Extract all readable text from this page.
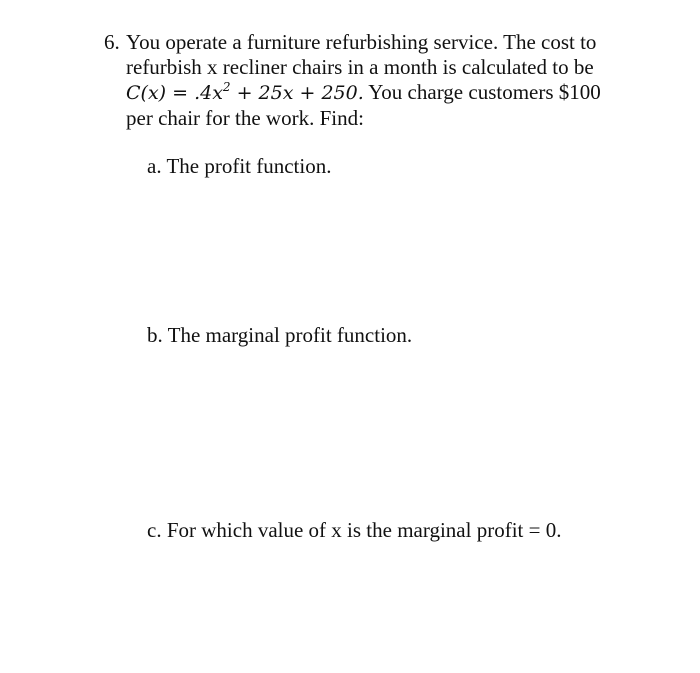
6. You operate a furniture refurbishing service. The cost to
refurbish x recliner chairs in a month is calculated to be
$C(x) = .4x^2 + 25x + 250$. You charge customers $100
per chair for the work. Find:
a. The profit function.
b. The marginal profit function.
c. For which value of x is the marginal profit = 0.
